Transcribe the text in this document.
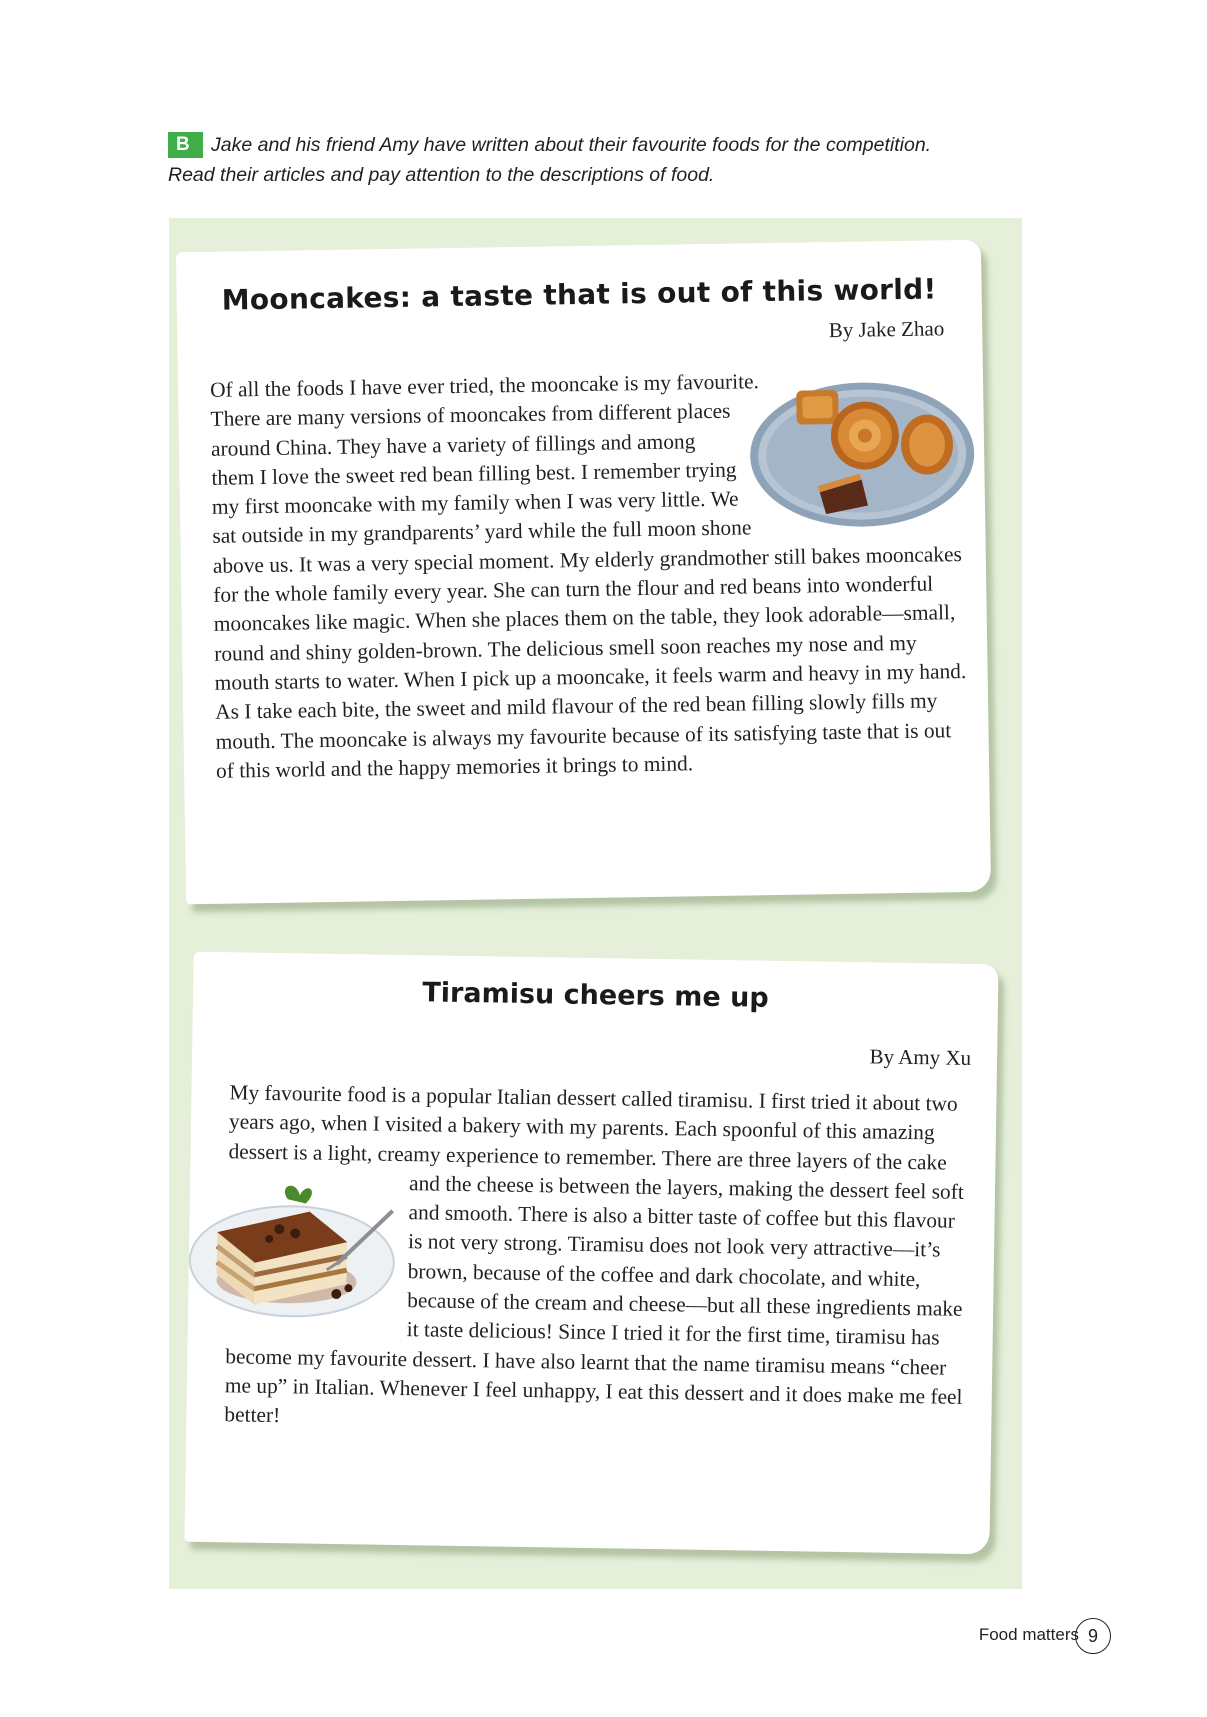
B Jake and his friend Amy have written about their favourite foods for the competition.
Read their articles and pay attention to the descriptions of food.
Mooncakes: a taste that is out of this world!
By Jake Zhao
Of all the foods I have ever tried, the mooncake is my favourite. There are many versions of mooncakes from different places around China. They have a variety of fillings and among them I love the sweet red bean filling best. I remember trying my first mooncake with my family when I was very little. We sat outside in my grandparents’ yard while the full moon shone above us. It was a very special moment. My elderly grandmother still bakes mooncakes for the whole family every year. She can turn the flour and red beans into wonderful mooncakes like magic. When she places them on the table, they look adorable—small, round and shiny golden-brown. The delicious smell soon reaches my nose and my mouth starts to water. When I pick up a mooncake, it feels warm and heavy in my hand. As I take each bite, the sweet and mild flavour of the red bean filling slowly fills my mouth. The mooncake is always my favourite because of its satisfying taste that is out of this world and the happy memories it brings to mind.
Tiramisu cheers me up
By Amy Xu
My favourite food is a popular Italian dessert called tiramisu. I first tried it about two years ago, when I visited a bakery with my parents. Each spoonful of this amazing dessert is a light, creamy experience to remember. There are three layers of the cake and the cheese is between the layers, making the dessert feel soft and smooth. There is also a bitter taste of coffee but this flavour is not very strong. Tiramisu does not look very attractive—it’s brown, because of the coffee and dark chocolate, and white, because of the cream and cheese—but all these ingredients make it taste delicious! Since I tried it for the first time, tiramisu has become my favourite dessert. I have also learnt that the name tiramisu means “cheer me up” in Italian. Whenever I feel unhappy, I eat this dessert and it does make me feel better!
Food matters 9
